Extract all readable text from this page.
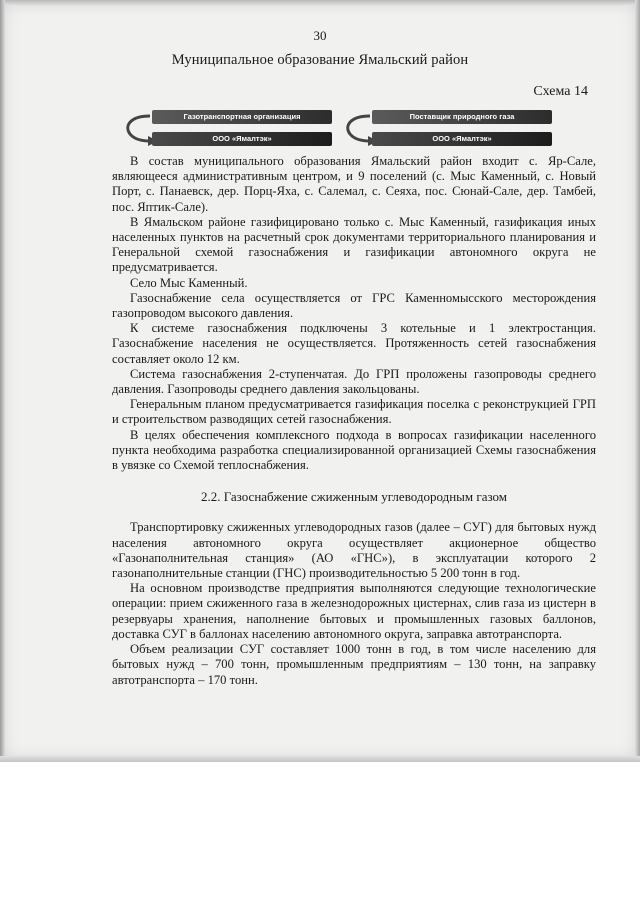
30
Муниципальное образование Ямальский район
Схема 14
Газотранспортная организация
ООО «Ямалтэк»
Поставщик природного газа
ООО «Ямалтэк»

В состав муниципального образования Ямальский район входит с. Яр-Сале, являющееся административным центром, и 9 поселений (с. Мыс Каменный, с. Новый Порт, с. Панаевск, дер. Порц-Яха, с. Салемал, с. Сеяха, пос. Сюнай-Сале, дер. Тамбей, пос. Яптик-Сале).

В Ямальском районе газифицировано только с. Мыс Каменный, газификация иных населенных пунктов на расчетный срок документами территориального планирования и Генеральной схемой газоснабжения и газификации автономного округа не предусматривается.

Село Мыс Каменный.

Газоснабжение села осуществляется от ГРС Каменномысского месторождения газопроводом высокого давления.

К системе газоснабжения подключены 3 котельные и 1 электростанция. Газоснабжение населения не осуществляется. Протяженность сетей газоснабжения составляет около 12 км.

Система газоснабжения 2-ступенчатая. До ГРП проложены газопроводы среднего давления. Газопроводы среднего давления закольцованы.

Генеральным планом предусматривается газификация поселка с реконструкцией ГРП и строительством разводящих сетей газоснабжения.

В целях обеспечения комплексного подхода в вопросах газификации населенного пункта необходима разработка специализированной организацией Схемы газоснабжения в увязке со Схемой теплоснабжения.

2.2. Газоснабжение сжиженным углеводородным газом

Транспортировку сжиженных углеводородных газов (далее – СУГ) для бытовых нужд населения автономного округа осуществляет акционерное общество «Газонаполнительная станция» (АО «ГНС»), в эксплуатации которого 2 газонаполнительные станции (ГНС) производительностью 5 200 тонн в год.

На основном производстве предприятия выполняются следующие технологические операции: прием сжиженного газа в железнодорожных цистернах, слив газа из цистерн в резервуары хранения, наполнение бытовых и промышленных газовых баллонов, доставка СУГ в баллонах населению автономного округа, заправка автотранспорта.

Объем реализации СУГ составляет 1000 тонн в год, в том числе населению для бытовых нужд – 700 тонн, промышленным предприятиям – 130 тонн, на заправку автотранспорта – 170 тонн.
